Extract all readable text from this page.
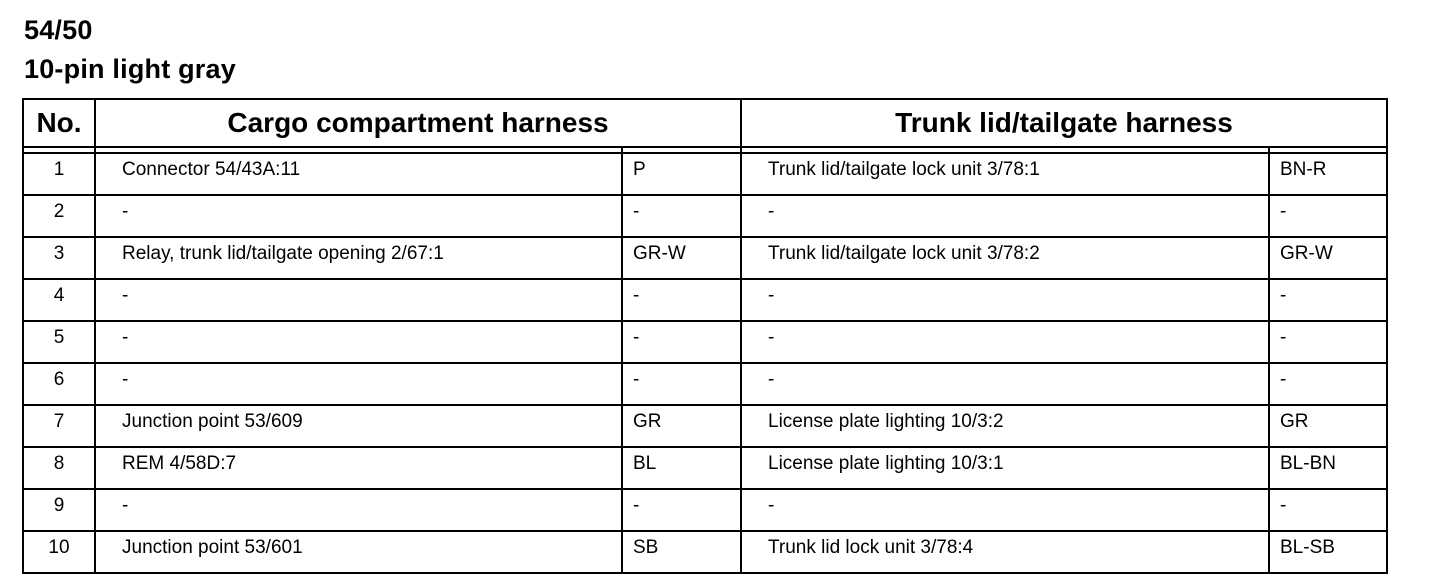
54/50
10-pin light gray
No.	Cargo compartment harness		Trunk lid/tailgate harness	

1	Connector 54/43A:11	P	Trunk lid/tailgate lock unit 3/78:1	BN-R
2	-	-	-	-
3	Relay, trunk lid/tailgate opening 2/67:1	GR-W	Trunk lid/tailgate lock unit 3/78:2	GR-W
4	-	-	-	-
5	-	-	-	-
6	-	-	-	-
7	Junction point 53/609	GR	License plate lighting 10/3:2	GR
8	REM 4/58D:7	BL	License plate lighting 10/3:1	BL-BN
9	-	-	-	-
10	Junction point 53/601	SB	Trunk lid lock unit 3/78:4	BL-SB
